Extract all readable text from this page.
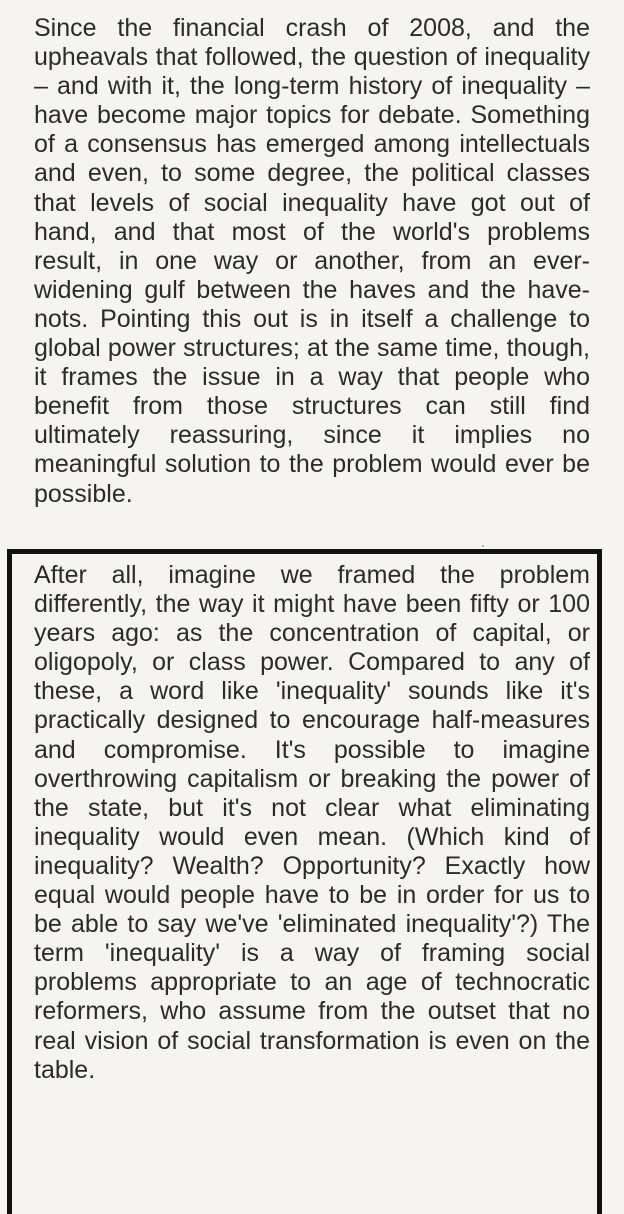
Since the financial crash of 2008, and the upheavals that followed, the question of inequality – and with it, the long-term history of inequality – have become major topics for debate. Something of a consensus has emerged among intellectuals and even, to some degree, the political classes that levels of social inequality have got out of hand, and that most of the world's problems result, in one way or another, from an ever-widening gulf between the haves and the have-nots. Pointing this out is in itself a challenge to global power structures; at the same time, though, it frames the issue in a way that people who benefit from those structures can still find ultimately reassuring, since it implies no meaningful solution to the problem would ever be possible.

After all, imagine we framed the problem differently, the way it might have been fifty or 100 years ago: as the concentration of capital, or oligopoly, or class power. Compared to any of these, a word like 'inequality' sounds like it's practically designed to encourage half-measures and compromise. It's possible to imagine overthrowing capitalism or breaking the power of the state, but it's not clear what eliminating inequality would even mean. (Which kind of inequality? Wealth? Opportunity? Exactly how equal would people have to be in order for us to be able to say we've 'eliminated inequality'?) The term 'inequality' is a way of framing social problems appropriate to an age of technocratic reformers, who assume from the outset that no real vision of social transformation is even on the table.
